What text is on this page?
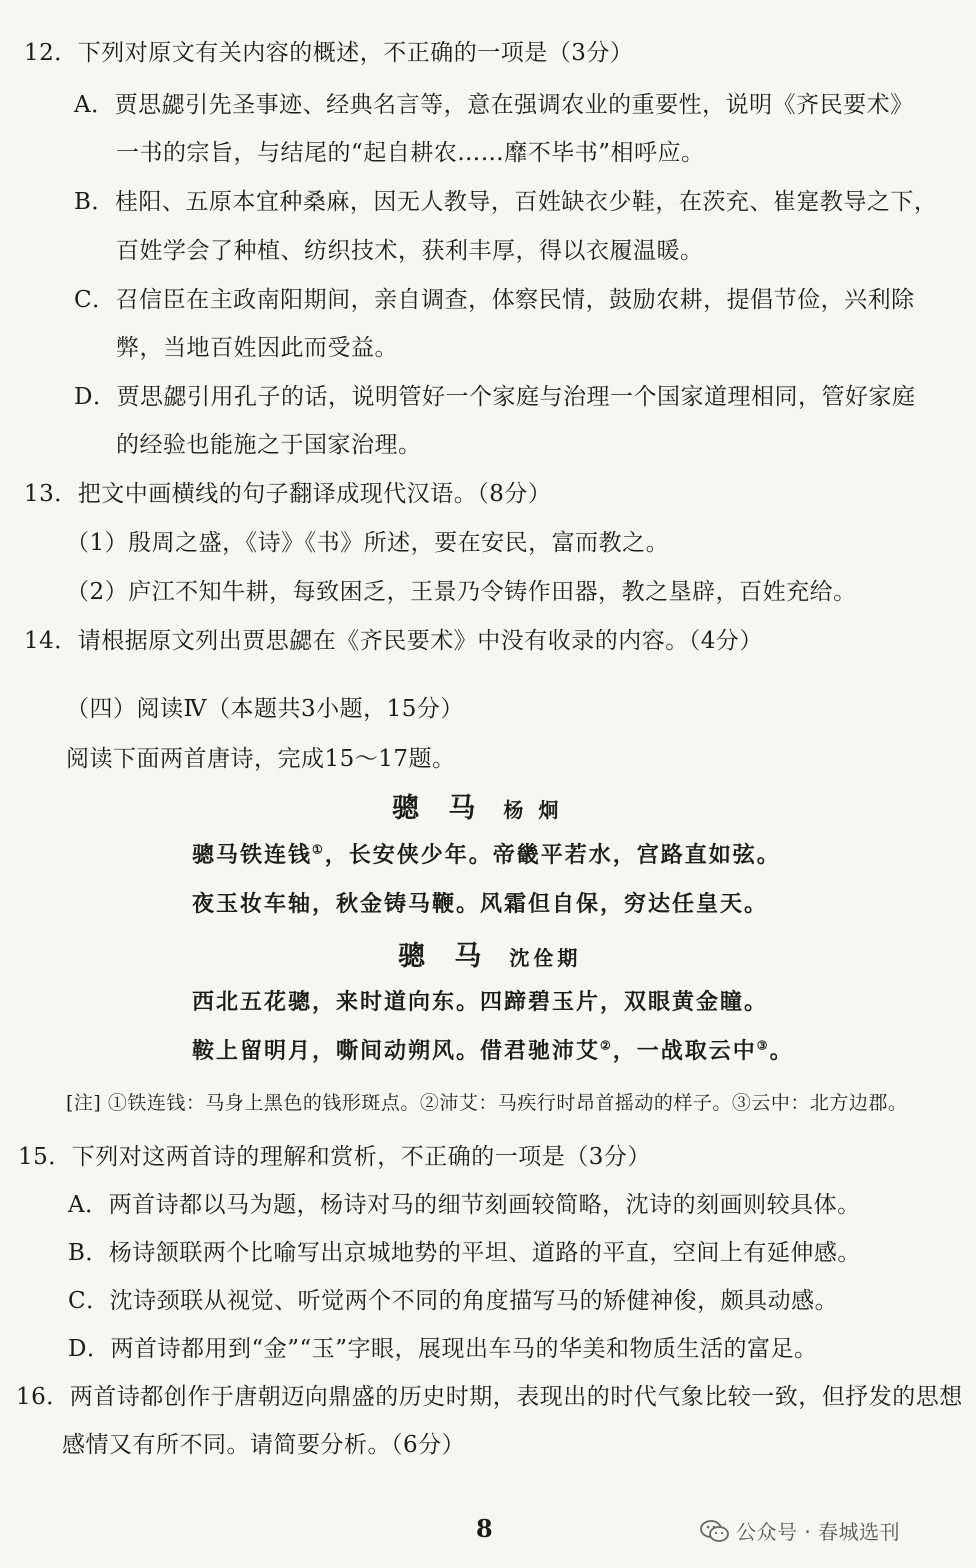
12．下列对原文有关内容的概述，不正确的一项是（3分）
A．贾思勰引先圣事迹、经典名言等，意在强调农业的重要性，说明《齐民要术》
一书的宗旨，与结尾的“起自耕农……靡不毕书”相呼应。
B．桂阳、五原本宜种桑麻，因无人教导，百姓缺衣少鞋，在茨充、崔寔教导之下，
百姓学会了种植、纺织技术，获利丰厚，得以衣履温暖。
C．召信臣在主政南阳期间，亲自调查，体察民情，鼓励农耕，提倡节俭，兴利除
弊，当地百姓因此而受益。
D．贾思勰引用孔子的话，说明管好一个家庭与治理一个国家道理相同，管好家庭
的经验也能施之于国家治理。
13．把文中画横线的句子翻译成现代汉语。（8分）
（1）殷周之盛，《诗》《书》所述，要在安民，富而教之。
（2）庐江不知牛耕，每致困乏，王景乃令铸作田器，教之垦辟，百姓充给。
14．请根据原文列出贾思勰在《齐民要术》中没有收录的内容。（4分）
（四）阅读Ⅳ（本题共3小题，15分）
阅读下面两首唐诗，完成15～17题。
骢 马 杨 炯
骢马铁连钱①，长安侠少年。帝畿平若水，宫路直如弦。
夜玉妆车轴，秋金铸马鞭。风霜但自保，穷达任皇天。
骢 马 沈佺期
西北五花骢，来时道向东。四蹄碧玉片，双眼黄金瞳。
鞍上留明月，嘶间动朔风。借君驰沛艾②，一战取云中③。
[注] ①铁连钱：马身上黑色的钱形斑点。②沛艾：马疾行时昂首摇动的样子。③云中：北方边郡。
15．下列对这两首诗的理解和赏析，不正确的一项是（3分）
A．两首诗都以马为题，杨诗对马的细节刻画较简略，沈诗的刻画则较具体。
B．杨诗颔联两个比喻写出京城地势的平坦、道路的平直，空间上有延伸感。
C．沈诗颈联从视觉、听觉两个不同的角度描写马的矫健神俊，颇具动感。
D．两首诗都用到“金”“玉”字眼，展现出车马的华美和物质生活的富足。
16．两首诗都创作于唐朝迈向鼎盛的历史时期，表现出的时代气象比较一致，但抒发的思想
感情又有所不同。请简要分析。（6分）
8	公众号 · 春城选刊
